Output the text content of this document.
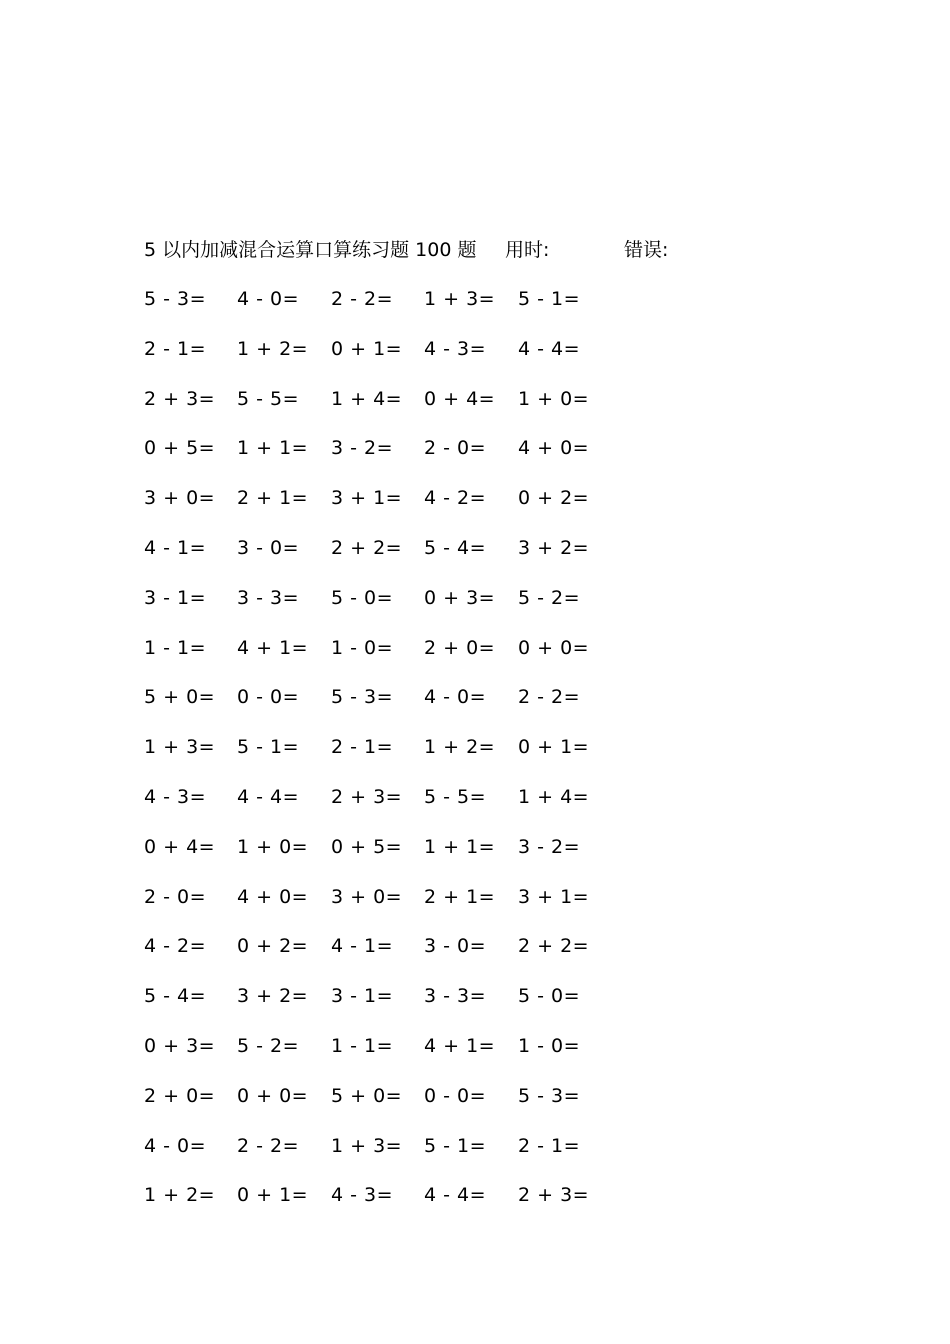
5 以内加减混合运算口算练习题 100 题 用时:	错误:
5 - 3= 4 - 0= 2 - 2= 1 + 3= 5 - 1=
2 - 1= 1 + 2= 0 + 1= 4 - 3= 4 - 4=
2 + 3= 5 - 5= 1 + 4= 0 + 4= 1 + 0=
0 + 5= 1 + 1= 3 - 2= 2 - 0= 4 + 0=
3 + 0= 2 + 1= 3 + 1= 4 - 2= 0 + 2=
4 - 1= 3 - 0= 2 + 2= 5 - 4= 3 + 2=
3 - 1= 3 - 3= 5 - 0= 0 + 3= 5 - 2=
1 - 1= 4 + 1= 1 - 0= 2 + 0= 0 + 0=
5 + 0= 0 - 0= 5 - 3= 4 - 0= 2 - 2=
1 + 3= 5 - 1= 2 - 1= 1 + 2= 0 + 1=
4 - 3= 4 - 4= 2 + 3= 5 - 5= 1 + 4=
0 + 4= 1 + 0= 0 + 5= 1 + 1= 3 - 2=
2 - 0= 4 + 0= 3 + 0= 2 + 1= 3 + 1=
4 - 2= 0 + 2= 4 - 1= 3 - 0= 2 + 2=
5 - 4= 3 + 2= 3 - 1= 3 - 3= 5 - 0=
0 + 3= 5 - 2= 1 - 1= 4 + 1= 1 - 0=
2 + 0= 0 + 0= 5 + 0= 0 - 0= 5 - 3=
4 - 0= 2 - 2= 1 + 3= 5 - 1= 2 - 1=
1 + 2= 0 + 1= 4 - 3= 4 - 4= 2 + 3=
